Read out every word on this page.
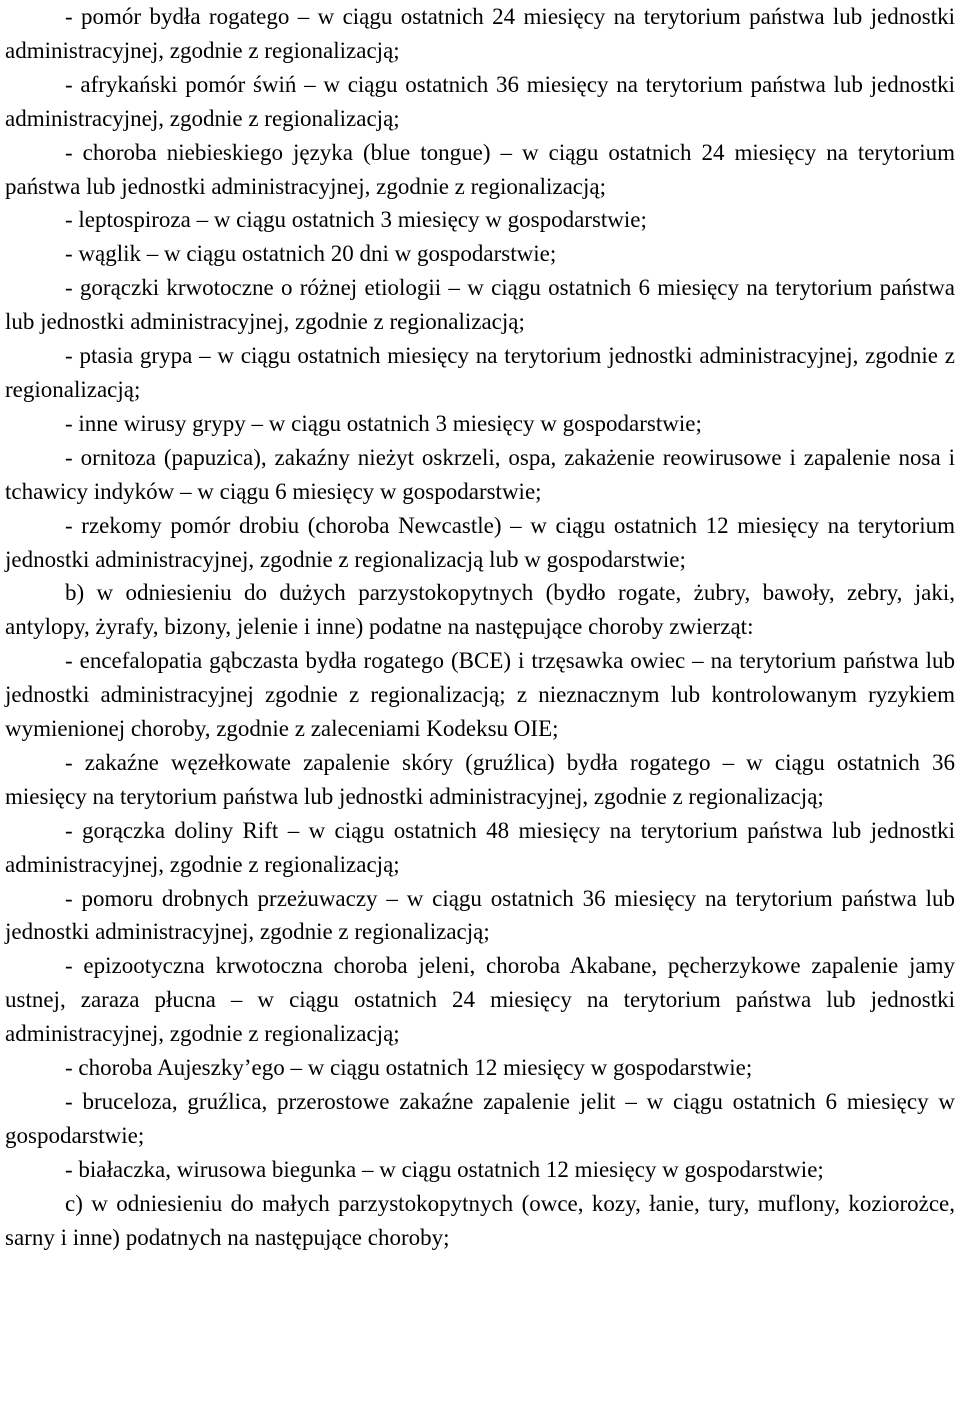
- pomór bydła rogatego – w ciągu ostatnich 24 miesięcy na terytorium państwa lub jednostki administracyjnej, zgodnie z regionalizacją;

- afrykański pomór świń – w ciągu ostatnich 36 miesięcy na terytorium państwa lub jednostki administracyjnej, zgodnie z regionalizacją;

- choroba niebieskiego języka (blue tongue) – w ciągu ostatnich 24 miesięcy na terytorium państwa lub jednostki administracyjnej, zgodnie z regionalizacją;

- leptospiroza – w ciągu ostatnich 3 miesięcy w gospodarstwie;

- wąglik – w ciągu ostatnich 20 dni w gospodarstwie;

- gorączki krwotoczne o różnej etiologii – w ciągu ostatnich 6 miesięcy na terytorium państwa lub jednostki administracyjnej, zgodnie z regionalizacją;

- ptasia grypa – w ciągu ostatnich miesięcy na terytorium jednostki administracyjnej, zgodnie z regionalizacją;

- inne wirusy grypy – w ciągu ostatnich 3 miesięcy w gospodarstwie;

- ornitoza (papuzica), zakaźny nieżyt oskrzeli, ospa, zakażenie reowirusowe i zapalenie nosa i tchawicy indyków – w ciągu 6 miesięcy w gospodarstwie;

- rzekomy pomór drobiu (choroba Newcastle) – w ciągu ostatnich 12 miesięcy na terytorium jednostki administracyjnej, zgodnie z regionalizacją lub w gospodarstwie;

b) w odniesieniu do dużych parzystokopytnych (bydło rogate, żubry, bawoły, zebry, jaki, antylopy, żyrafy, bizony, jelenie i inne) podatne na następujące choroby zwierząt:

- encefalopatia gąbczasta bydła rogatego (BCE) i trzęsawka owiec – na terytorium państwa lub jednostki administracyjnej zgodnie z regionalizacją; z nieznacznym lub kontrolowanym ryzykiem wymienionej choroby, zgodnie z zaleceniami Kodeksu OIE;

- zakaźne węzełkowate zapalenie skóry (gruźlica) bydła rogatego – w ciągu ostatnich 36 miesięcy na terytorium państwa lub jednostki administracyjnej, zgodnie z regionalizacją;

- gorączka doliny Rift – w ciągu ostatnich 48 miesięcy na terytorium państwa lub jednostki administracyjnej, zgodnie z regionalizacją;

- pomoru drobnych przeżuwaczy – w ciągu ostatnich 36 miesięcy na terytorium państwa lub jednostki administracyjnej, zgodnie z regionalizacją;

- epizootyczna krwotoczna choroba jeleni, choroba Akabane, pęcherzykowe zapalenie jamy ustnej, zaraza płucna – w ciągu ostatnich 24 miesięcy na terytorium państwa lub jednostki administracyjnej, zgodnie z regionalizacją;

- choroba Aujeszky’ego – w ciągu ostatnich 12 miesięcy w gospodarstwie;

- bruceloza, gruźlica, przerostowe zakaźne zapalenie jelit – w ciągu ostatnich 6 miesięcy w gospodarstwie;

- białaczka, wirusowa biegunka – w ciągu ostatnich 12 miesięcy w gospodarstwie;

c) w odniesieniu do małych parzystokopytnych (owce, kozy, łanie, tury, muflony, koziorożce, sarny i inne) podatnych na następujące choroby;
